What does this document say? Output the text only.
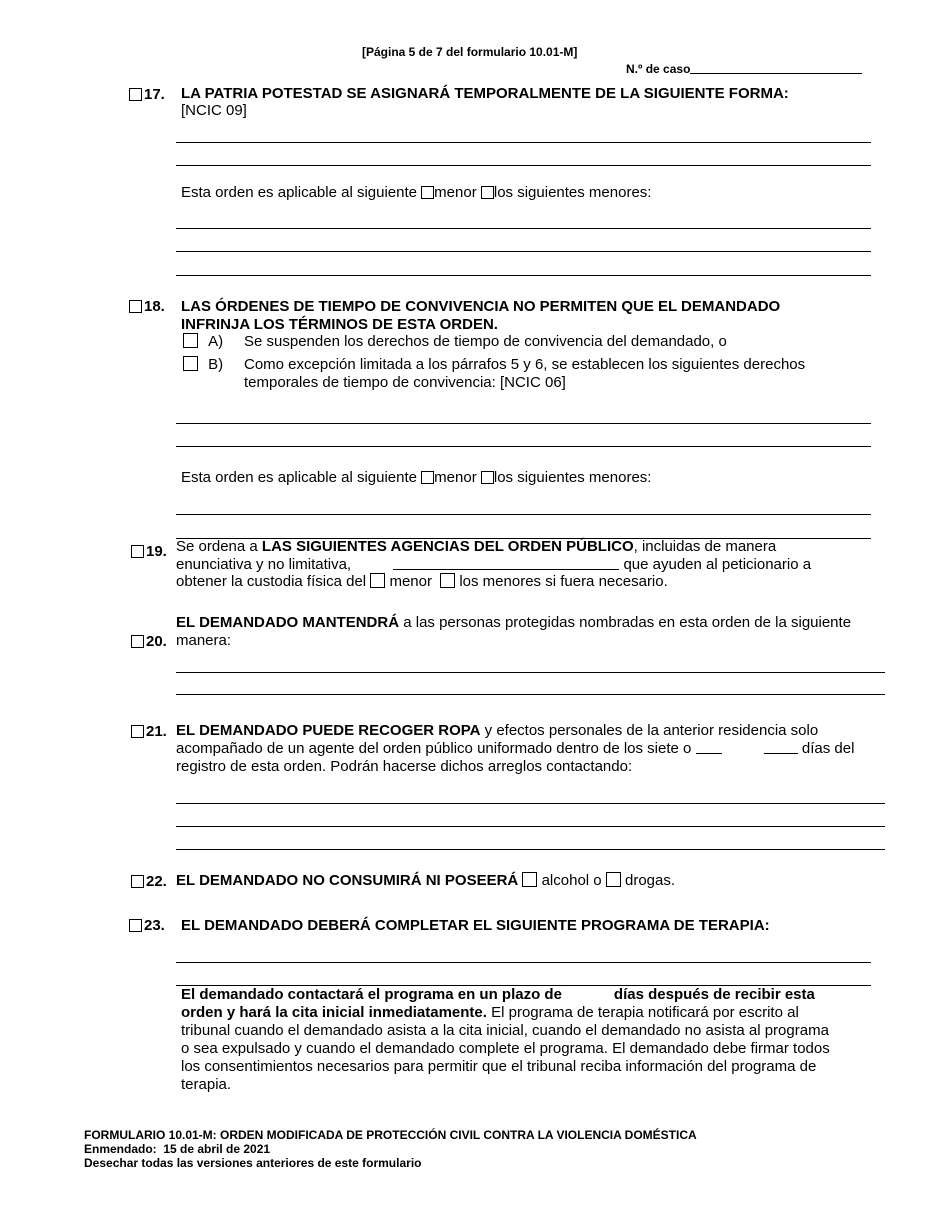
[Página 5 de 7 del formulario 10.01-M]
N.º de caso
17. LA PATRIA POTESTAD SE ASIGNARÁ TEMPORALMENTE DE LA SIGUIENTE FORMA:
[NCIC 09]
Esta orden es aplicable al siguiente menor los siguientes menores:
18. LAS ÓRDENES DE TIEMPO DE CONVIVENCIA NO PERMITEN QUE EL DEMANDADO
INFRINJA LOS TÉRMINOS DE ESTA ORDEN.
A) Se suspenden los derechos de tiempo de convivencia del demandado, o
B) Como excepción limitada a los párrafos 5 y 6, se establecen los siguientes derechos
temporales de tiempo de convivencia: [NCIC 06]
Esta orden es aplicable al siguiente menor los siguientes menores:
19. Se ordena a LAS SIGUIENTES AGENCIAS DEL ORDEN PÚBLICO, incluidas de manera
enunciativa y no limitativa,	que ayuden al peticionario a
obtener la custodia física del menor los menores si fuera necesario.
EL DEMANDADO MANTENDRÁ a las personas protegidas nombradas en esta orden de la siguiente
20. manera:
21. EL DEMANDADO PUEDE RECOGER ROPA y efectos personales de la anterior residencia solo
acompañado de un agente del orden público uniformado dentro de los siete o	días del
registro de esta orden. Podrán hacerse dichos arreglos contactando:
22. EL DEMANDADO NO CONSUMIRÁ NI POSEERÁ alcohol o drogas.
23. EL DEMANDADO DEBERÁ COMPLETAR EL SIGUIENTE PROGRAMA DE TERAPIA:
El demandado contactará el programa en un plazo de	días después de recibir esta
orden y hará la cita inicial inmediatamente. El programa de terapia notificará por escrito al
tribunal cuando el demandado asista a la cita inicial, cuando el demandado no asista al programa
o sea expulsado y cuando el demandado complete el programa. El demandado debe firmar todos
los consentimientos necesarios para permitir que el tribunal reciba información del programa de
terapia.
FORMULARIO 10.01-M: ORDEN MODIFICADA DE PROTECCIÓN CIVIL CONTRA LA VIOLENCIA DOMÉSTICA
Enmendado: 15 de abril de 2021
Desechar todas las versiones anteriores de este formulario
